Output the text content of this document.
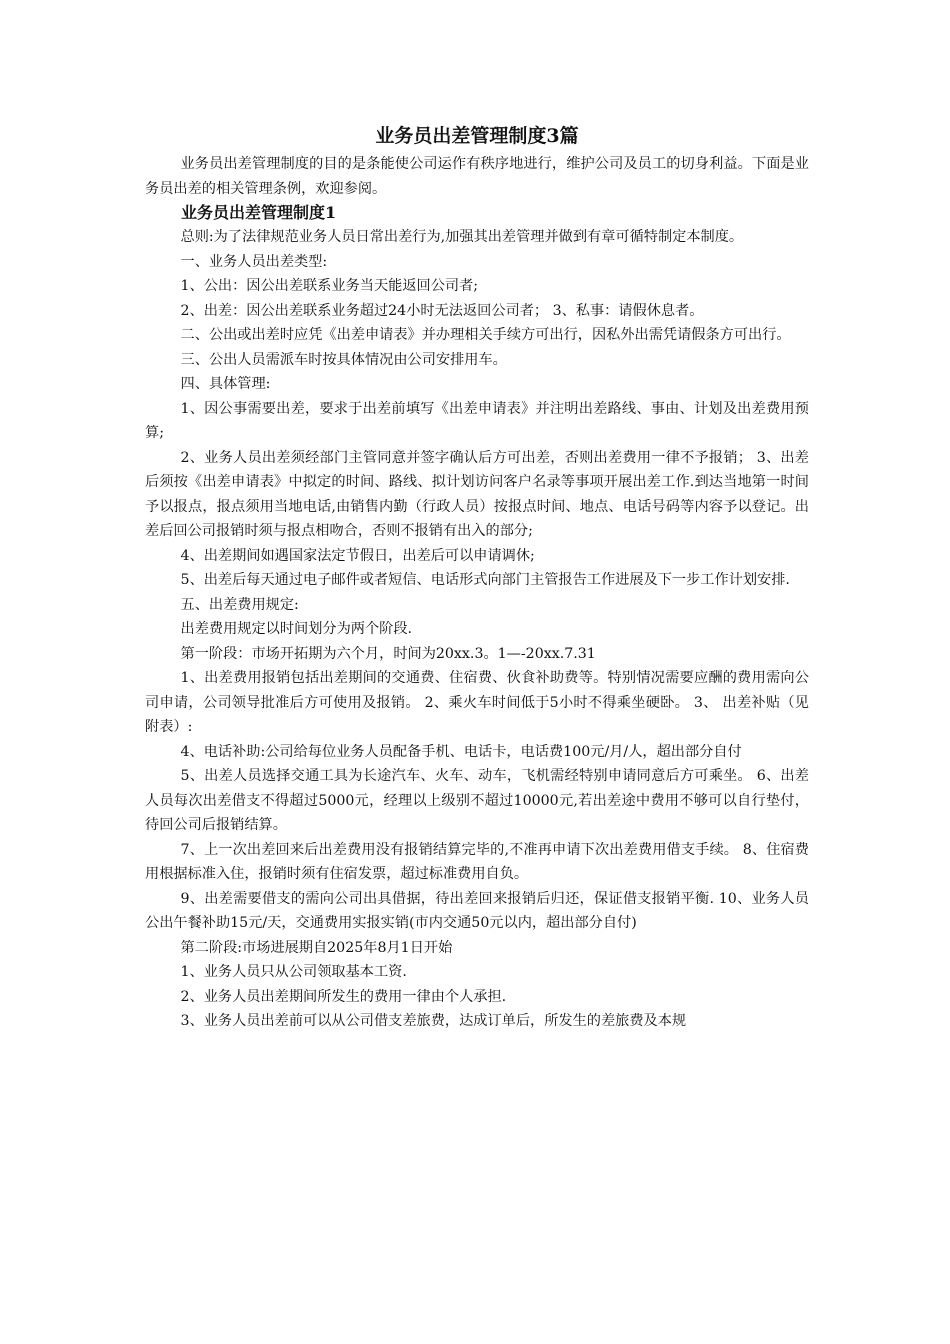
业务员出差管理制度3篇

业务员出差管理制度的目的是条能使公司运作有秩序地进行，维护公司及员工的切身利益。下面是业务员出差的相关管理条例，欢迎参阅。

业务员出差管理制度1

总则:为了法律规范业务人员日常出差行为,加强其出差管理并做到有章可循特制定本制度。

一、业务人员出差类型:

1、公出：因公出差联系业务当天能返回公司者;

2、出差：因公出差联系业务超过24小时无法返回公司者； 3、私事：请假休息者。

二、公出或出差时应凭《出差申请表》并办理相关手续方可出行，因私外出需凭请假条方可出行。

三、公出人员需派车时按具体情况由公司安排用车。

四、具体管理:

1、因公事需要出差，要求于出差前填写《出差申请表》并注明出差路线、事由、计划及出差费用预算;

2、业务人员出差须经部门主管同意并签字确认后方可出差，否则出差费用一律不予报销； 3、出差后须按《出差申请表》中拟定的时间、路线、拟计划访问客户名录等事项开展出差工作.到达当地第一时间予以报点，报点须用当地电话,由销售内勤（行政人员）按报点时间、地点、电话号码等内容予以登记。出差后回公司报销时须与报点相吻合，否则不报销有出入的部分;

4、出差期间如遇国家法定节假日，出差后可以申请调休;

5、出差后每天通过电子邮件或者短信、电话形式向部门主管报告工作进展及下一步工作计划安排.

五、出差费用规定:

出差费用规定以时间划分为两个阶段.

第一阶段：市场开拓期为六个月，时间为20xx.3。1—-20xx.7.31

1、出差费用报销包括出差期间的交通费、住宿费、伙食补助费等。特别情况需要应酬的费用需向公司申请，公司领导批准后方可使用及报销。 2、乘火车时间低于5小时不得乘坐硬卧。 3、 出差补贴（见附表）:

4、电话补助:公司给每位业务人员配备手机、电话卡，电话费100元/月/人，超出部分自付

5、出差人员选择交通工具为长途汽车、火车、动车，飞机需经特别申请同意后方可乘坐。 6、出差人员每次出差借支不得超过5000元，经理以上级别不超过10000元,若出差途中费用不够可以自行垫付，待回公司后报销结算。

7、上一次出差回来后出差费用没有报销结算完毕的,不准再申请下次出差费用借支手续。 8、住宿费用根据标准入住，报销时须有住宿发票，超过标准费用自负。

9、出差需要借支的需向公司出具借据，待出差回来报销后归还，保证借支报销平衡. 10、业务人员公出午餐补助15元/天，交通费用实报实销(市内交通50元以内，超出部分自付)

第二阶段:市场进展期自2025年8月1日开始

1、业务人员只从公司领取基本工资.

2、业务人员出差期间所发生的费用一律由个人承担.

3、业务人员出差前可以从公司借支差旅费，达成订单后，所发生的差旅费及本规
